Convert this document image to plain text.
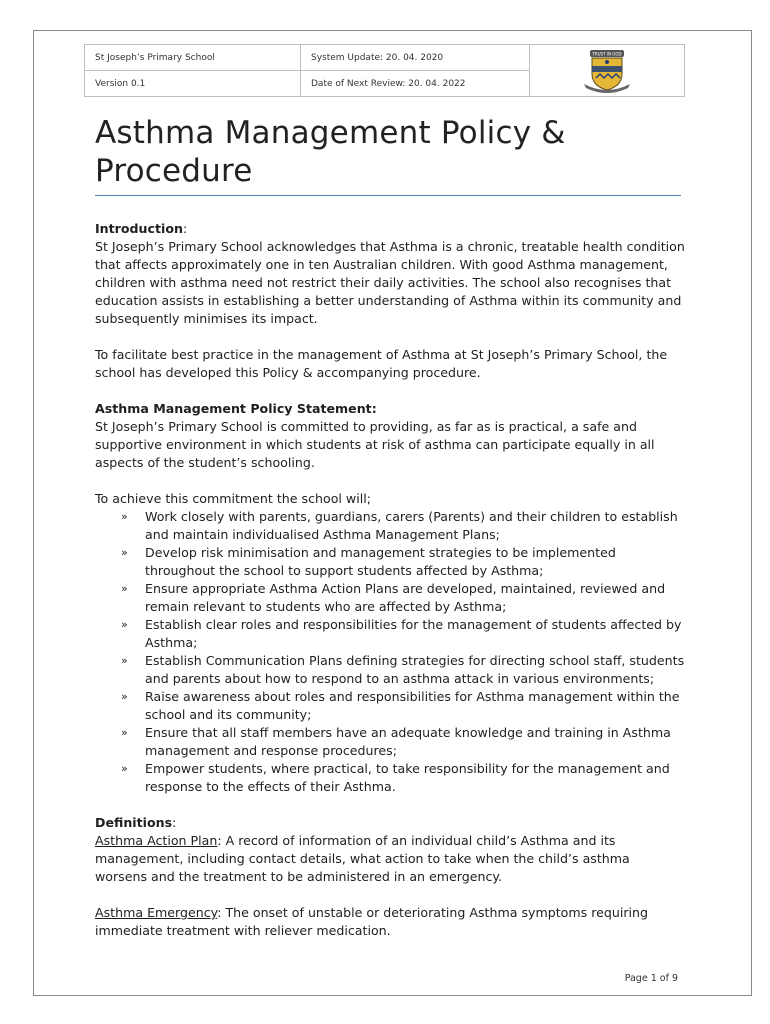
St Joseph’s Primary School	System Update: 20. 04. 2020	TRUST IN GOD
Version 0.1	Date of Next Review: 20. 04. 2022
Asthma Management Policy &
Procedure

Introduction:

St Joseph’s Primary School acknowledges that Asthma is a chronic, treatable health condition that affects approximately one in ten Australian children. With good Asthma management, children with asthma need not restrict their daily activities. The school also recognises that education assists in establishing a better understanding of Asthma within its community and subsequently minimises its impact.

To facilitate best practice in the management of Asthma at St Joseph’s Primary School, the school has developed this Policy & accompanying procedure.

Asthma Management Policy Statement:

St Joseph’s Primary School is committed to providing, as far as is practical, a safe and supportive environment in which students at risk of asthma can participate equally in all aspects of the student’s schooling.

To achieve this commitment the school will;

» Work closely with parents, guardians, carers (Parents) and their children to establish and maintain individualised Asthma Management Plans;
» Develop risk minimisation and management strategies to be implemented throughout the school to support students affected by Asthma;
» Ensure appropriate Asthma Action Plans are developed, maintained, reviewed and remain relevant to students who are affected by Asthma;
» Establish clear roles and responsibilities for the management of students affected by Asthma;
» Establish Communication Plans defining strategies for directing school staff, students and parents about how to respond to an asthma attack in various environments;
» Raise awareness about roles and responsibilities for Asthma management within the school and its community;
» Ensure that all staff members have an adequate knowledge and training in Asthma management and response procedures;
» Empower students, where practical, to take responsibility for the management and response to the effects of their Asthma.

Definitions:

Asthma Action Plan: A record of information of an individual child’s Asthma and its management, including contact details, what action to take when the child’s asthma worsens and the treatment to be administered in an emergency.

Asthma Emergency: The onset of unstable or deteriorating Asthma symptoms requiring immediate treatment with reliever medication.

Page 1 of 9
